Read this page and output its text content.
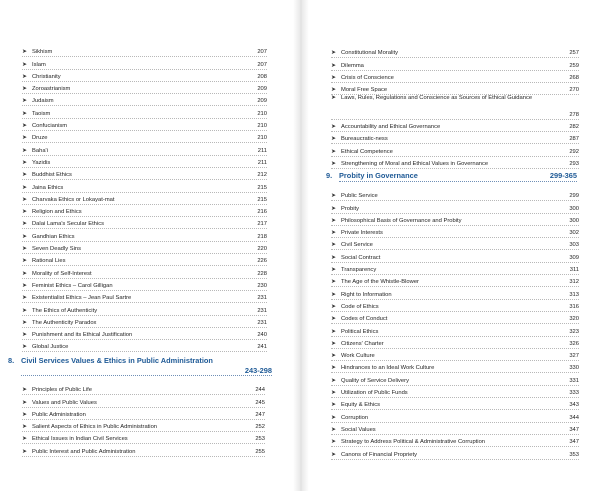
➤ Sikhism	207
➤ Islam	207
➤ Christianity	208
➤ Zoroastrianism	209
➤ Judaism	209
➤ Taoism	210
➤ Confucianism	210
➤ Druze	210
➤ Baha'i	211
➤ Yazidis	211
➤ Buddhist Ethics	212
➤ Jaina Ethics	215
➤ Charvaka Ethics or Lokayat-mat	215
➤ Religion and Ethics	216
➤ Dalai Lama's Secular Ethics	217
➤ Gandhian Ethics	218
➤ Seven Deadly Sins	220
➤ Rational Lies	226
➤ Morality of Self-Interest	228
➤ Feminist Ethics – Carol Gilligan	230
➤ Existentialist Ethics – Jean Paul Sartre	231
➤ The Ethics of Authenticity	231
➤ The Authenticity Paradox	231
➤ Punishment and its Ethical Justification	240
➤ Global Justice	241
8. Civil Services Values & Ethics in Public Administration
243-298
➤ Principles of Public Life	244
➤ Values and Public Values	245
➤ Public Administration	247
➤ Salient Aspects of Ethics in Public Administration	252
➤ Ethical Issues in Indian Civil Services	253
➤ Public Interest and Public Administration	255
➤ Constitutional Morality	257
➤ Dilemma	259
➤ Crisis of Conscience	268
➤ Moral Free Space	270
➤ Laws, Rules, Regulations and Conscience as Sources of Ethical Guidance
278
➤ Accountability and Ethical Governance	282
➤ Bureaucratic-ness	287
➤ Ethical Competence	292
➤ Strengthening of Moral and Ethical Values in Governance	293
9. Probity in Governance	299-365
➤ Public Service	299
➤ Probity	300
➤ Philosophical Basis of Governance and Probity	300
➤ Private Interests	302
➤ Civil Service	303
➤ Social Contract	309
➤ Transparency	311
➤ The Age of the Whistle-Blower	312
➤ Right to Information	313
➤ Code of Ethics	316
➤ Codes of Conduct	320
➤ Political Ethics	323
➤ Citizens' Charter	326
➤ Work Culture	327
➤ Hindrances to an Ideal Work Culture	330
➤ Quality of Service Delivery	331
➤ Utilization of Public Funds	333
➤ Equity & Ethics	343
➤ Corruption	344
➤ Social Values	347
➤ Strategy to Address Political & Administrative Corruption	347
➤ Canons of Financial Propriety	353
